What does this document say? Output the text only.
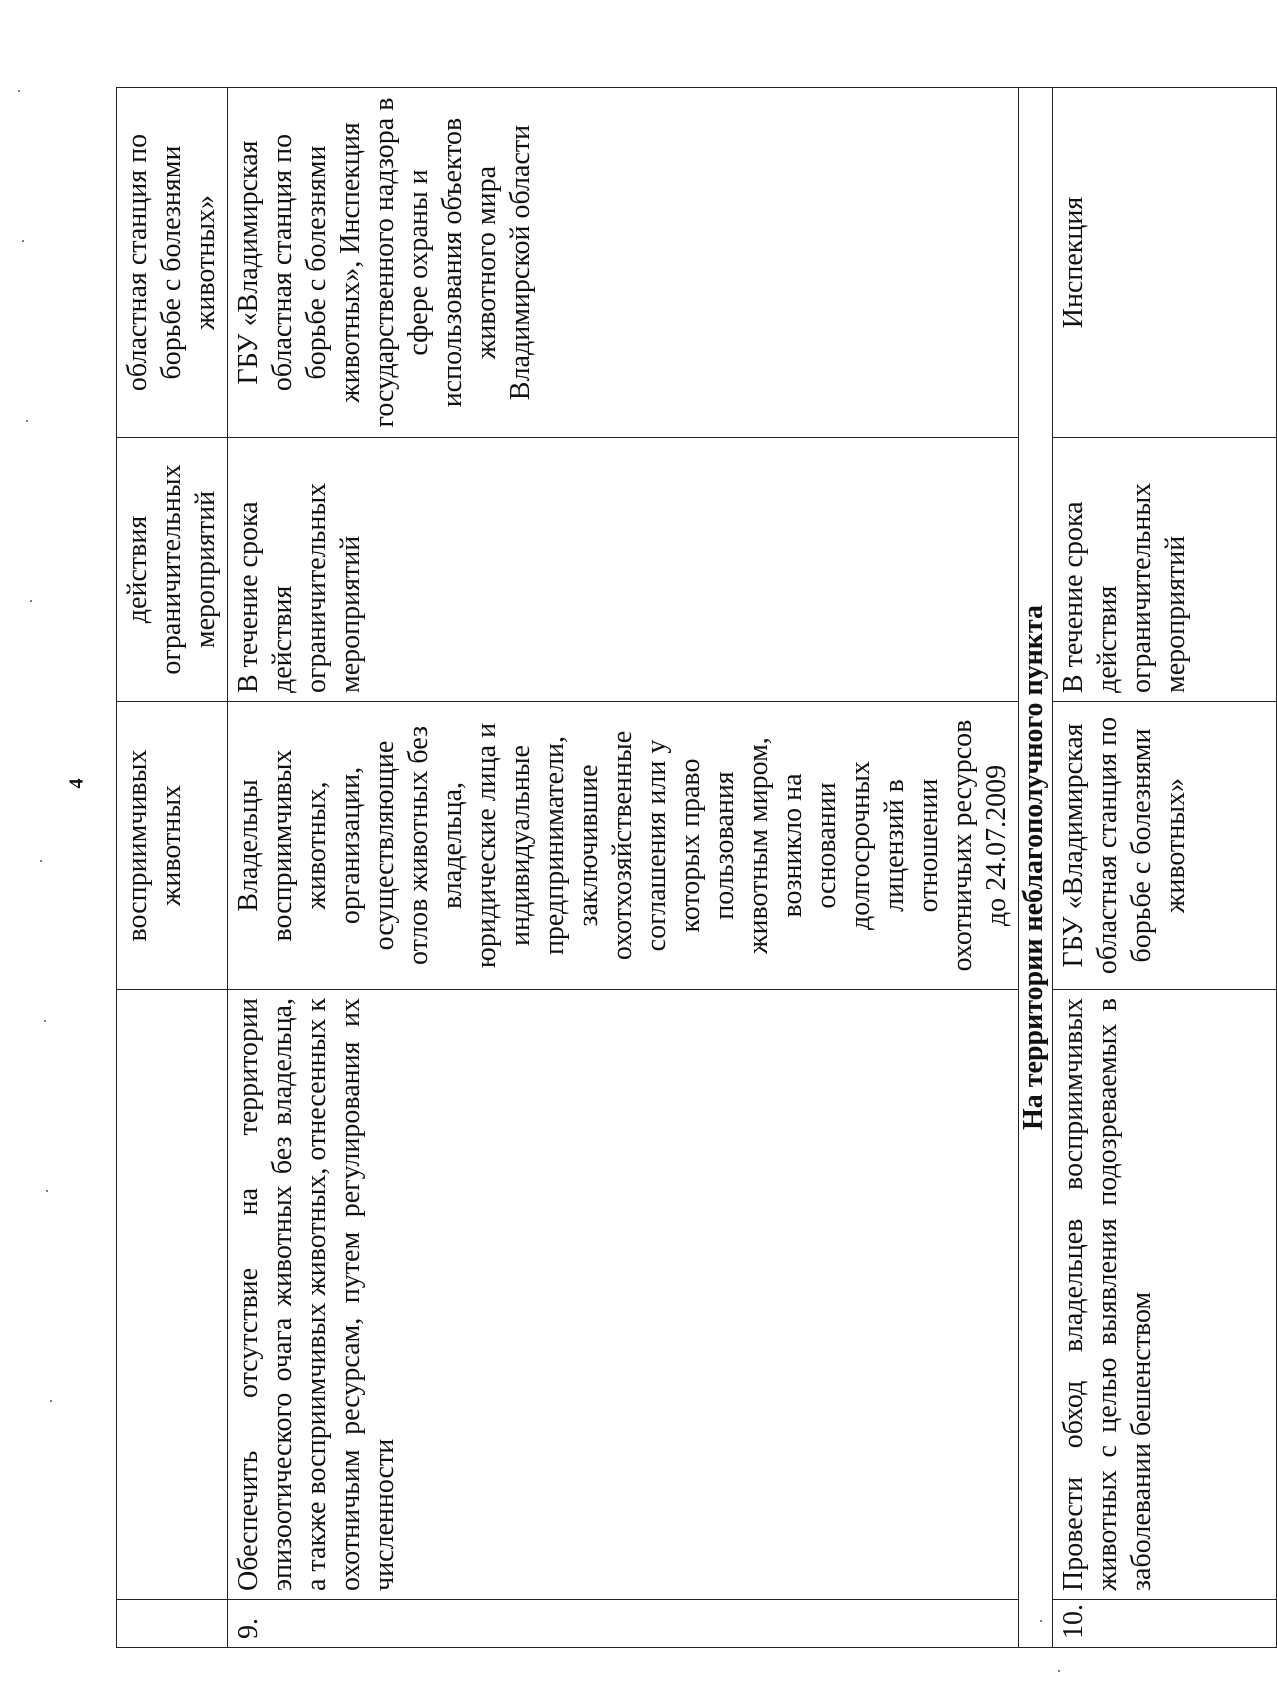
4
		восприимчивых животных	действия ограничительных мероприятий	областная станция по борьбе с болезнями животных»
9.	Обеспечить отсутствие на территории эпизоотического очага животных без владельца, а также восприимчивых животных, отнесенных к охотничьим ресурсам, путем регулирования их численности	Владельцы восприимчивых животных, организации, осуществляющие отлов животных без владельца, юридические лица и индивидуальные предприниматели, заключившие охотхозяйственные соглашения или у которых право пользования животным миром, возникло на основании долгосрочных лицензий в отношении охотничьих ресурсов до 24.07.2009	В течение срока действия ограничительных мероприятий	ГБУ «Владимирская областная станция по борьбе с болезнями животных», Инспекция государственного надзора в сфере охраны и использования объектов животного мира Владимирской области
На территории неблагополучного пункта				
10.	Провести обход владельцев восприимчивых животных с целью выявления подозреваемых в заболевании бешенством	ГБУ «Владимирская областная станция по борьбе с болезнями животных»	В течение срока действия ограничительных мероприятий	Инспекция
